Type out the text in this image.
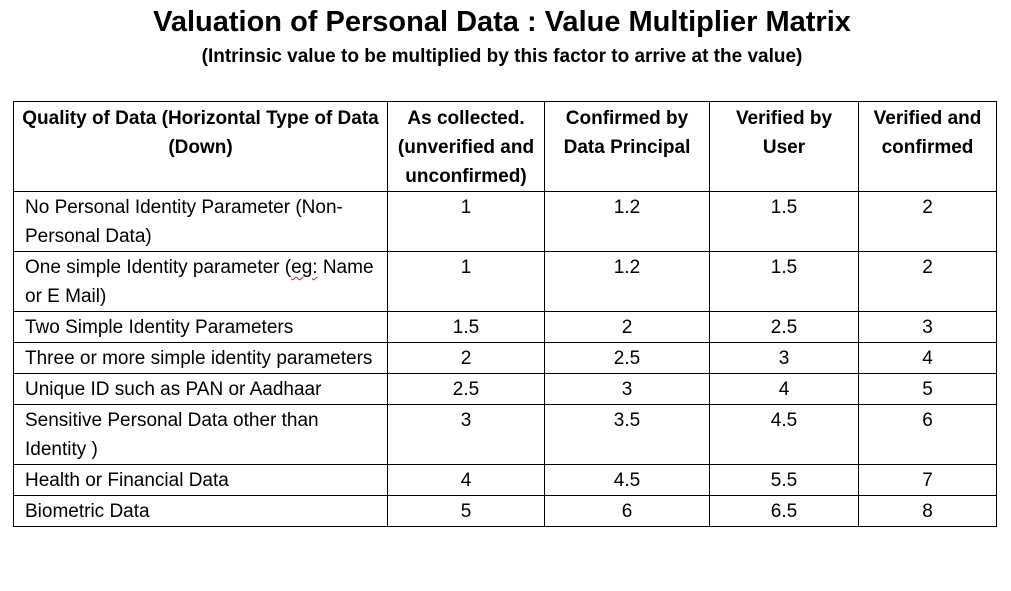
Valuation of Personal Data : Value Multiplier Matrix
(Intrinsic value to be multiplied by this factor to arrive at the value)
Quality of Data (Horizontal Type of Data (Down)	As collected. (unverified and unconfirmed)	Confirmed by Data Principal	Verified by User	Verified and confirmed
No Personal Identity Parameter (Non-Personal Data)	1	1.2	1.5	2
One simple Identity parameter (eg: Name or E Mail)	1	1.2	1.5	2
Two Simple Identity Parameters	1.5	2	2.5	3
Three or more simple identity parameters	2	2.5	3	4
Unique ID such as PAN or Aadhaar	2.5	3	4	5
Sensitive Personal Data other than Identity )	3	3.5	4.5	6
Health or Financial Data	4	4.5	5.5	7
Biometric Data	5	6	6.5	8
